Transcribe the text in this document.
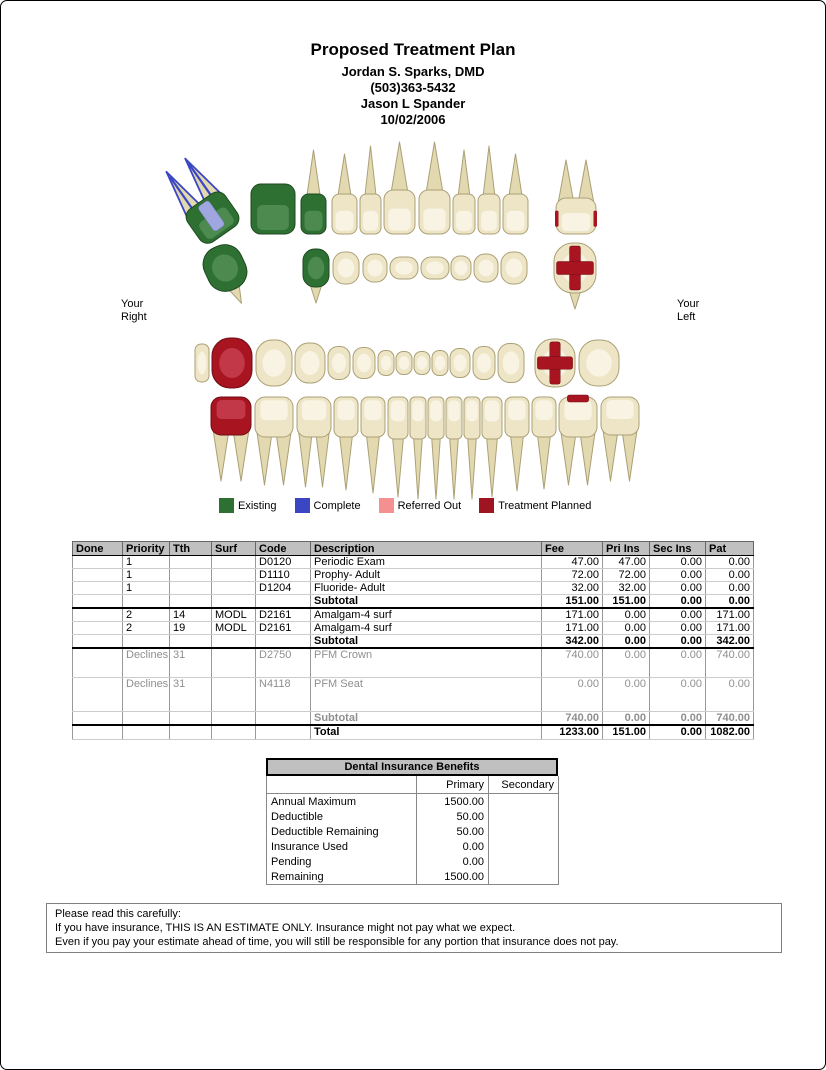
Proposed Treatment Plan
Jordan S. Sparks, DMD
(503)363-5432
Jason L Spander
10/02/2006
Your
Right
Your
Left
Existing	Complete	Referred Out	Treatment Planned
Done	Priority	Tth	Surf	Code	Description	Fee	Pri Ins	Sec Ins	Pat
	1			D0120	Periodic Exam	47.00	47.00	0.00	0.00
	1			D1110	Prophy- Adult	72.00	72.00	0.00	0.00
	1			D1204	Fluoride- Adult	32.00	32.00	0.00	0.00
					Subtotal	151.00	151.00	0.00	0.00
	2	14	MODL	D2161	Amalgam-4 surf	171.00	0.00	0.00	171.00
	2	19	MODL	D2161	Amalgam-4 surf	171.00	0.00	0.00	171.00
					Subtotal	342.00	0.00	0.00	342.00
	Declines	31		D2750	PFM Crown	740.00	0.00	0.00	740.00
	Declines	31		N4118	PFM Seat	0.00	0.00	0.00	0.00
					Subtotal	740.00	0.00	0.00	740.00
					Total	1233.00	151.00	0.00	1082.00
Dental Insurance Benefits
	Primary	Secondary
Annual Maximum	1500.00	
Deductible	50.00	
Deductible Remaining	50.00	
Insurance Used	0.00	
Pending	0.00	
Remaining	1500.00	
Please read this carefully:
If you have insurance, THIS IS AN ESTIMATE ONLY. Insurance might not pay what we expect.
Even if you pay your estimate ahead of time, you will still be responsible for any portion that insurance does not pay.
